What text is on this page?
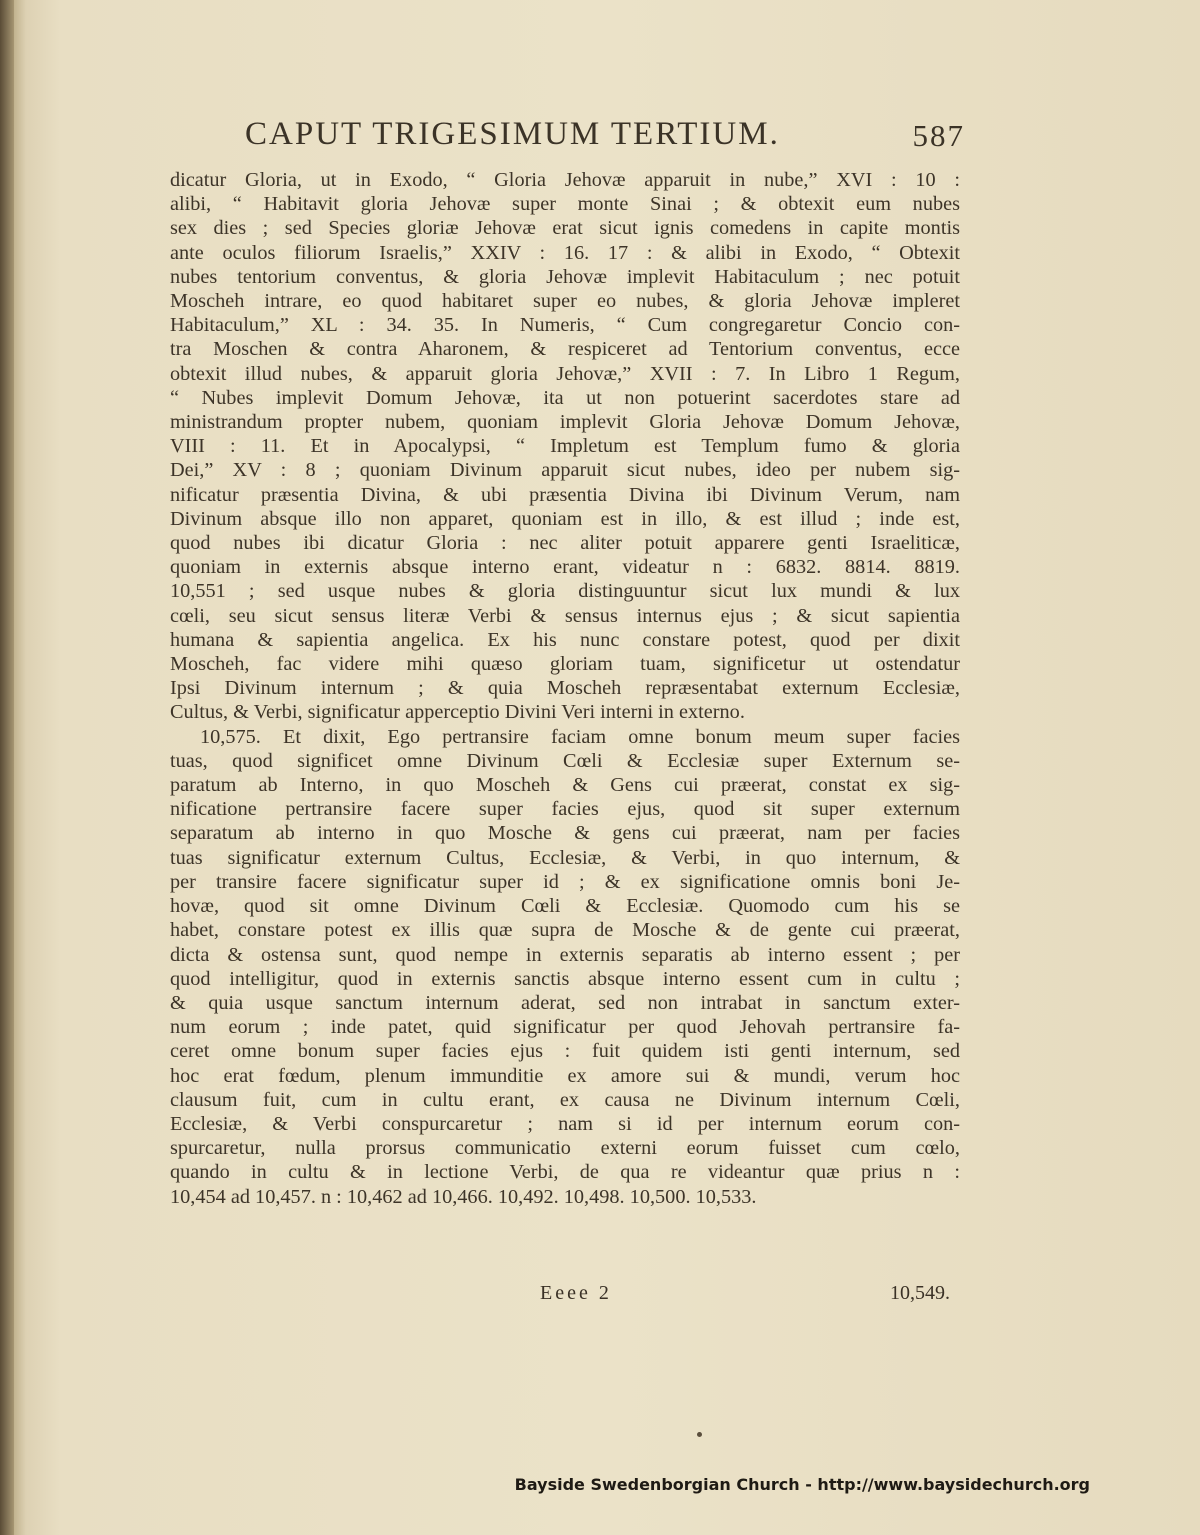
CAPUT TRIGESIMUM TERTIUM.	587
dicatur Gloria, ut in Exodo, “ Gloria Jehovæ apparuit in nube,” XVI : 10 :
alibi, “ Habitavit gloria Jehovæ super monte Sinai ; & obtexit eum nubes
sex dies ; sed Species gloriæ Jehovæ erat sicut ignis comedens in capite montis
ante oculos filiorum Israelis,” XXIV : 16. 17 : & alibi in Exodo, “ Obtexit
nubes tentorium conventus, & gloria Jehovæ implevit Habitaculum ; nec potuit
Moscheh intrare, eo quod habitaret super eo nubes, & gloria Jehovæ impleret
Habitaculum,” XL : 34. 35. In Numeris, “ Cum congregaretur Concio con-
tra Moschen & contra Aharonem, & respiceret ad Tentorium conventus, ecce
obtexit illud nubes, & apparuit gloria Jehovæ,” XVII : 7. In Libro 1 Regum,
“ Nubes implevit Domum Jehovæ, ita ut non potuerint sacerdotes stare ad
ministrandum propter nubem, quoniam implevit Gloria Jehovæ Domum Jehovæ,
VIII : 11. Et in Apocalypsi, “ Impletum est Templum fumo & gloria
Dei,” XV : 8 ; quoniam Divinum apparuit sicut nubes, ideo per nubem sig-
nificatur præsentia Divina, & ubi præsentia Divina ibi Divinum Verum, nam
Divinum absque illo non apparet, quoniam est in illo, & est illud ; inde est,
quod nubes ibi dicatur Gloria : nec aliter potuit apparere genti Israeliticæ,
quoniam in externis absque interno erant, videatur n : 6832. 8814. 8819.
10,551 ; sed usque nubes & gloria distinguuntur sicut lux mundi & lux
cœli, seu sicut sensus literæ Verbi & sensus internus ejus ; & sicut sapientia
humana & sapientia angelica. Ex his nunc constare potest, quod per dixit
Moscheh, fac videre mihi quæso gloriam tuam, significetur ut ostendatur
Ipsi Divinum internum ; & quia Moscheh repræsentabat externum Ecclesiæ,
Cultus, & Verbi, significatur apperceptio Divini Veri interni in externo.
10,575. Et dixit, Ego pertransire faciam omne bonum meum super facies
tuas, quod significet omne Divinum Cœli & Ecclesiæ super Externum se-
paratum ab Interno, in quo Moscheh & Gens cui præerat, constat ex sig-
nificatione pertransire facere super facies ejus, quod sit super externum
separatum ab interno in quo Mosche & gens cui præerat, nam per facies
tuas significatur externum Cultus, Ecclesiæ, & Verbi, in quo internum, &
per transire facere significatur super id ; & ex significatione omnis boni Je-
hovæ, quod sit omne Divinum Cœli & Ecclesiæ. Quomodo cum his se
habet, constare potest ex illis quæ supra de Mosche & de gente cui præerat,
dicta & ostensa sunt, quod nempe in externis separatis ab interno essent ; per
quod intelligitur, quod in externis sanctis absque interno essent cum in cultu ;
& quia usque sanctum internum aderat, sed non intrabat in sanctum exter-
num eorum ; inde patet, quid significatur per quod Jehovah pertransire fa-
ceret omne bonum super facies ejus : fuit quidem isti genti internum, sed
hoc erat fœdum, plenum immunditie ex amore sui & mundi, verum hoc
clausum fuit, cum in cultu erant, ex causa ne Divinum internum Cœli,
Ecclesiæ, & Verbi conspurcaretur ; nam si id per internum eorum con-
spurcaretur, nulla prorsus communicatio externi eorum fuisset cum cœlo,
quando in cultu & in lectione Verbi, de qua re videantur quæ prius n :
10,454 ad 10,457. n : 10,462 ad 10,466. 10,492. 10,498. 10,500. 10,533.
Eeee 2	10,549.
Bayside Swedenborgian Church - http://www.baysidechurch.org
